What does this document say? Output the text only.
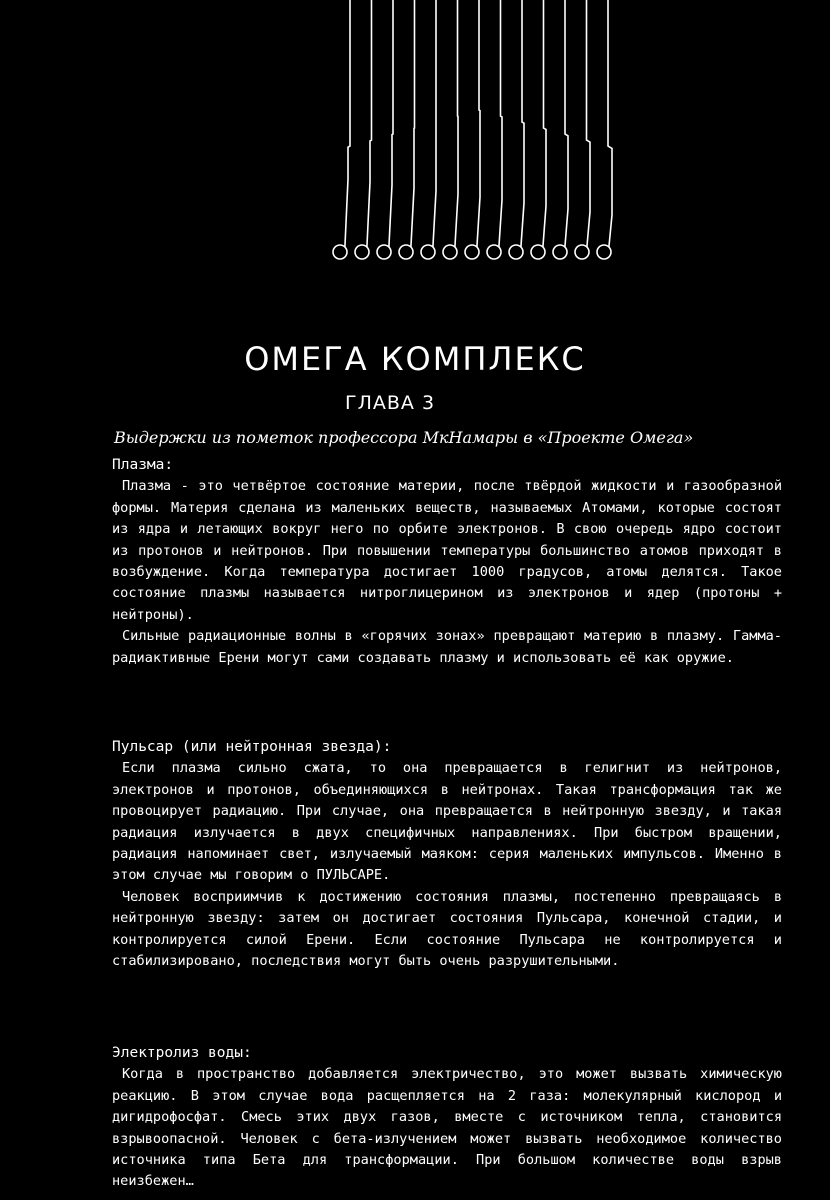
ОМЕГА КОМПЛЕКС
ГЛАВА 3
Выдержки из пометок профессора МкНамары в «Проекте Омега»
Плазма:

Плазма - это четвёртое состояние материи, после твёрдой жидкости и газообразной формы. Материя сделана из маленьких веществ, называемых Атомами, которые состоят из ядра и летающих вокруг него по орбите электронов. В свою очередь ядро состоит из протонов и нейтронов. При повышении температуры большинство атомов приходят в возбуждение. Когда температура достигает 1000 градусов, атомы делятся. Такое состояние плазмы называется нитроглицерином из электронов и ядер (протоны + нейтроны).

Сильные радиационные волны в «горячих зонах» превращают материю в плазму. Гамма-радиактивные Ерени могут сами создавать плазму и использовать её как оружие.

Пульсар (или нейтронная звезда):

Если плазма сильно сжата, то она превращается в гелигнит из нейтронов, электронов и протонов, объединяющихся в нейтронах. Такая трансформация так же провоцирует радиацию. При случае, она превращается в нейтронную звезду, и такая радиация излучается в двух специфичных направлениях. При быстром вращении, радиация напоминает свет, излучаемый маяком: серия маленьких импульсов. Именно в этом случае мы говорим о ПУЛЬСАРЕ.

Человек восприимчив к достижению состояния плазмы, постепенно превращаясь в нейтронную звезду: затем он достигает состояния Пульсара, конечной стадии, и контролируется силой Ерени. Если состояние Пульсара не контролируется и стабилизировано, последствия могут быть очень разрушительными.

Электролиз воды:

Когда в пространство добавляется электричество, это может вызвать химическую реакцию. В этом случае вода расщепляется на 2 газа: молекулярный кислород и дигидрофосфат. Смесь этих двух газов, вместе с источником тепла, становится взрывоопасной. Человек с бета-излучением может вызвать необходимое количество источника типа Бета для трансформации. При большом количестве воды взрыв неизбежен…
